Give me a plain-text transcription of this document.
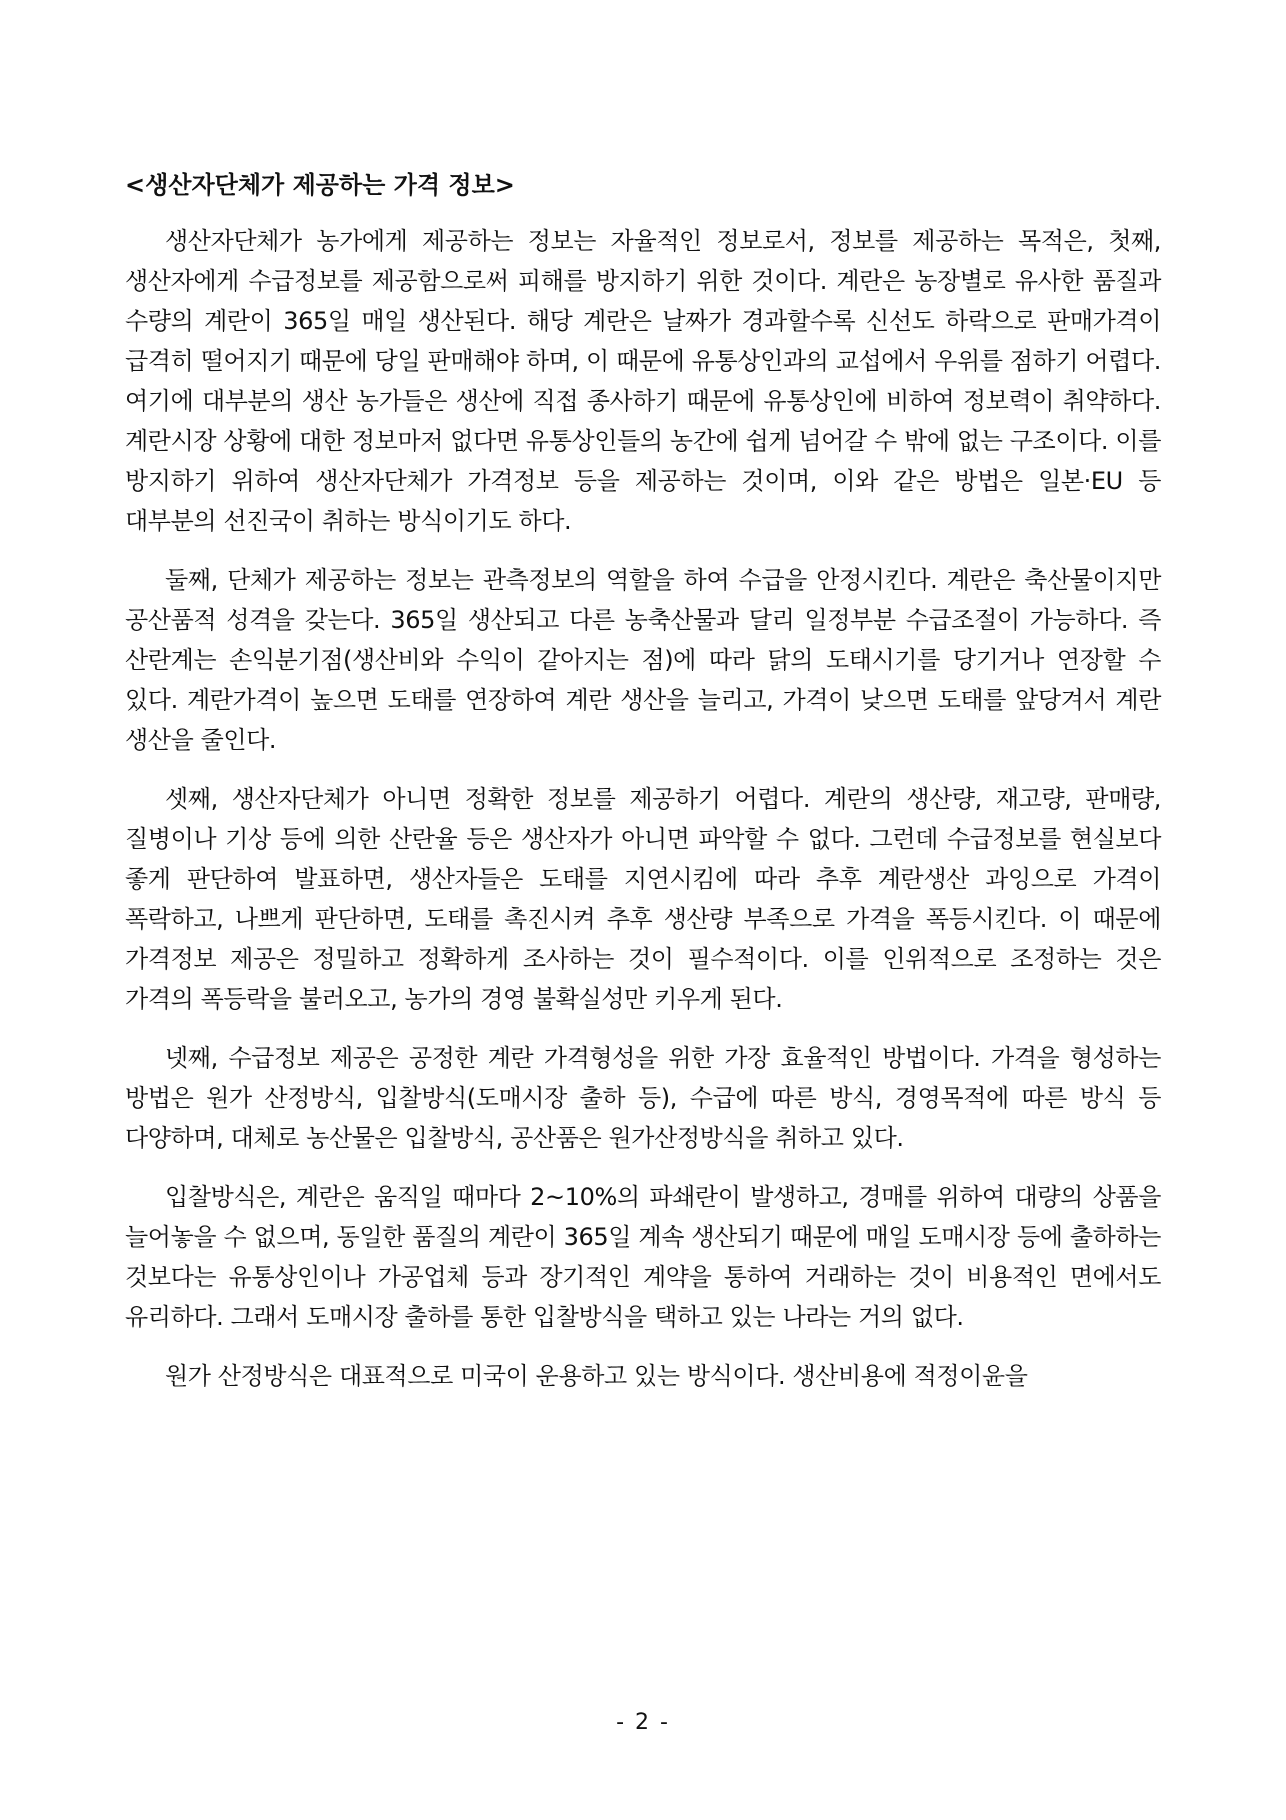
<생산자단체가 제공하는 가격 정보>

생산자단체가 농가에게 제공하는 정보는 자율적인 정보로서, 정보를 제공하는 목적은, 첫째, 생산자에게 수급정보를 제공함으로써 피해를 방지하기 위한 것이다. 계란은 농장별로 유사한 품질과 수량의 계란이 365일 매일 생산된다. 해당 계란은 날짜가 경과할수록 신선도 하락으로 판매가격이 급격히 떨어지기 때문에 당일 판매해야 하며, 이 때문에 유통상인과의 교섭에서 우위를 점하기 어렵다. 여기에 대부분의 생산 농가들은 생산에 직접 종사하기 때문에 유통상인에 비하여 정보력이 취약하다. 계란시장 상황에 대한 정보마저 없다면 유통상인들의 농간에 쉽게 넘어갈 수 밖에 없는 구조이다. 이를 방지하기 위하여 생산자단체가 가격정보 등을 제공하는 것이며, 이와 같은 방법은 일본·EU 등 대부분의 선진국이 취하는 방식이기도 하다.

둘째, 단체가 제공하는 정보는 관측정보의 역할을 하여 수급을 안정시킨다. 계란은 축산물이지만 공산품적 성격을 갖는다. 365일 생산되고 다른 농축산물과 달리 일정부분 수급조절이 가능하다. 즉 산란계는 손익분기점(생산비와 수익이 같아지는 점)에 따라 닭의 도태시기를 당기거나 연장할 수 있다. 계란가격이 높으면 도태를 연장하여 계란 생산을 늘리고, 가격이 낮으면 도태를 앞당겨서 계란 생산을 줄인다.

셋째, 생산자단체가 아니면 정확한 정보를 제공하기 어렵다. 계란의 생산량, 재고량, 판매량, 질병이나 기상 등에 의한 산란율 등은 생산자가 아니면 파악할 수 없다. 그런데 수급정보를 현실보다 좋게 판단하여 발표하면, 생산자들은 도태를 지연시킴에 따라 추후 계란생산 과잉으로 가격이 폭락하고, 나쁘게 판단하면, 도태를 촉진시켜 추후 생산량 부족으로 가격을 폭등시킨다. 이 때문에 가격정보 제공은 정밀하고 정확하게 조사하는 것이 필수적이다. 이를 인위적으로 조정하는 것은 가격의 폭등락을 불러오고, 농가의 경영 불확실성만 키우게 된다.

넷째, 수급정보 제공은 공정한 계란 가격형성을 위한 가장 효율적인 방법이다. 가격을 형성하는 방법은 원가 산정방식, 입찰방식(도매시장 출하 등), 수급에 따른 방식, 경영목적에 따른 방식 등 다양하며, 대체로 농산물은 입찰방식, 공산품은 원가산정방식을 취하고 있다.

입찰방식은, 계란은 움직일 때마다 2~10%의 파쇄란이 발생하고, 경매를 위하여 대량의 상품을 늘어놓을 수 없으며, 동일한 품질의 계란이 365일 계속 생산되기 때문에 매일 도매시장 등에 출하하는 것보다는 유통상인이나 가공업체 등과 장기적인 계약을 통하여 거래하는 것이 비용적인 면에서도 유리하다. 그래서 도매시장 출하를 통한 입찰방식을 택하고 있는 나라는 거의 없다.

원가 산정방식은 대표적으로 미국이 운용하고 있는 방식이다. 생산비용에 적정이윤을

- 2 -
